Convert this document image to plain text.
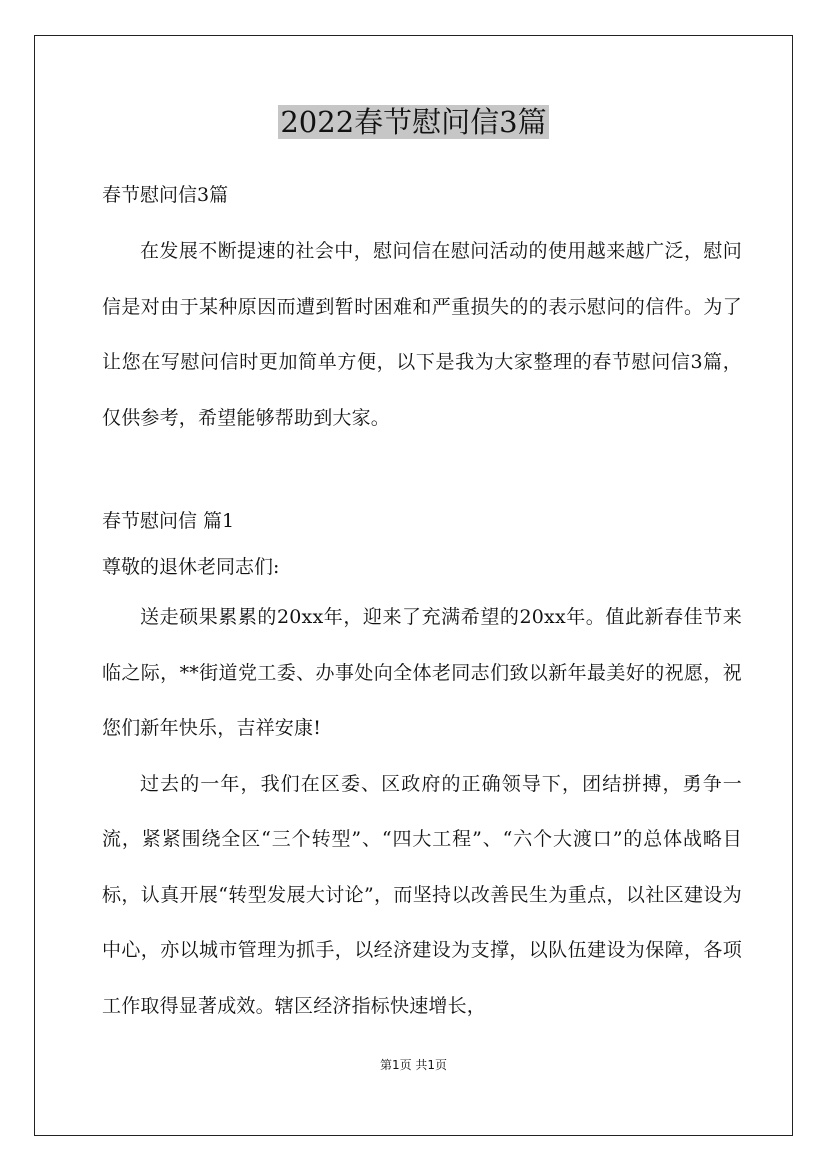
2022春节慰问信3篇

春节慰问信3篇

在发展不断提速的社会中，慰问信在慰问活动的使用越来越广泛，慰问信是对由于某种原因而遭到暂时困难和严重损失的的表示慰问的信件。为了让您在写慰问信时更加简单方便，以下是我为大家整理的春节慰问信3篇，仅供参考，希望能够帮助到大家。

春节慰问信 篇1

尊敬的退休老同志们:

送走硕果累累的20xx年，迎来了充满希望的20xx年。值此新春佳节来临之际，**街道党工委、办事处向全体老同志们致以新年最美好的祝愿，祝您们新年快乐，吉祥安康!

过去的一年，我们在区委、区政府的正确领导下，团结拼搏，勇争一流，紧紧围绕全区“三个转型”、“四大工程”、“六个大渡口”的总体战略目标，认真开展“转型发展大讨论”，而坚持以改善民生为重点，以社区建设为中心，亦以城市管理为抓手，以经济建设为支撑，以队伍建设为保障，各项工作取得显著成效。辖区经济指标快速增长，

第1页 共1页
